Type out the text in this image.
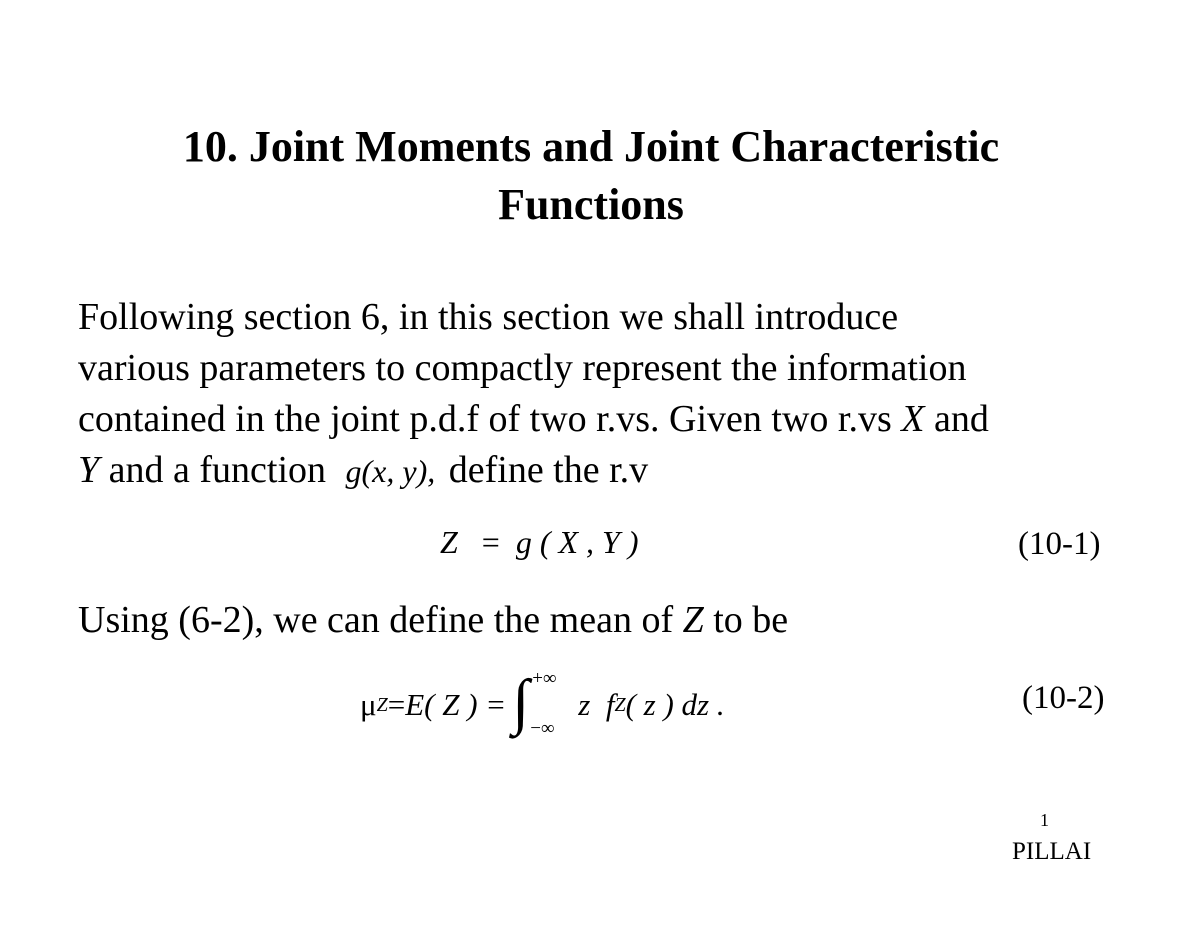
10. Joint Moments and Joint Characteristic
Functions
Following section 6, in this section we shall introduce
various parameters to compactly represent the information
contained in the joint p.d.f of two r.vs. Given two r.vs X and
Y and a function g(x, y), define the r.v
Z = g ( X , Y )	(10-1)
Using (6-2), we can define the mean of Z to be
μ Z = E ( Z ) = ∫ +∞
−∞
z
f Z ( z ) dz .	(10-2)
1
PILLAI
